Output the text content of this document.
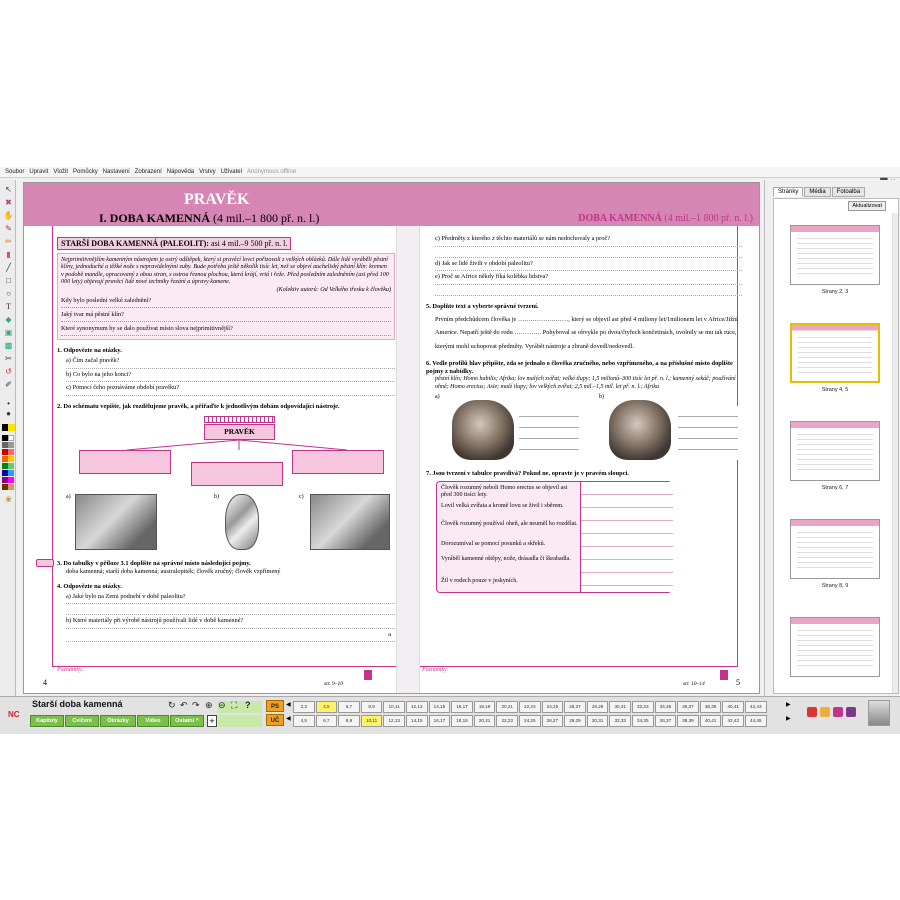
Soubor Upravit Vložit Pomůcky Nastavení Zobrazení Nápověda Vrstvy Uživatel Anonymous offline
↖
✖
✋
✎
✏
▮
╱
□
○
T
◆
▣
▩
✂
↺
✐
•
●
❀
PRAVĚK
I. DOBA KAMENNÁ (4 mil.–1 800 př. n. l.)	DOBA KAMENNÁ (4 mil.–1 800 př. n. l.)
STARŠÍ DOBA KAMENNÁ (PALEOLIT): asi 4 mil.–9 500 př. n. l.
Nejprimitivnějším kamenným nástrojem je ostrý odštěpek, který si pravěcí lovci pořizovali z velkých oblázků. Dále lidé vyráběli pěstní klíny, jednoduché a těžké nože s nepravidelnými zuby. Bude potřeba ještě několik tisíc let, než se objeví aucheliský pěstní klín: kremen v podobě mandle, opracovaný z obou stran, s ostrou řeznou plochou, která krájí, vrtá i řeže. Před posledním zaledněním (asi před 100 000 lety) objevují pravěcí lidé nové techniky řezání a úpravy kamene.
(Kolektiv autorů: Od Velkého třesku k člověku)
Kdy bylo poslední velké zalednění?
Jaký tvar má pěstní klín?
Které synonymum by se dalo používat místo slova nejprimitivnější?
1. Odpovězte na otázky.
a) Čím začal pravěk?
b) Co bylo na jeho konci?
c) Pomocí čeho poznáváme období pravěku?
2. Do schématu vepište, jak rozdělujeme pravěk, a přiřaďte k jednotlivým dobám odpovídající nástroje.
PRAVĚK
a)	b)	c)
3. Do tabulky v příloze 3.1 doplište na správné místo následující pojmy.
doba kamenná; starší doba kamenná; australopiték; člověk zručný; člověk vzpřímený
4. Odpovězte na otázky.
a) Jaké bylo na Zemi podnebí v době paleolitu?
b) Které materiály při výrobě nástrojů používali lidé v době kamenné?
a
c) Předměty z kterého z těchto materiálů se nám nedochovaly a proč?
d) Jak se lidé živili v období paleolitu?
e) Proč se Africe někdy říká kolébka lidstva?
5. Doplňte text a vyberte správné tvrzení.
Prvním předchůdcem člověka je ……………………, který se objevil asi před 4 miliony let/1milionem let v Africe/Jižní Americe. Nepatří ještě do rodu …………. Pohyboval se obvykle po dvou/čtyřech končetinách, uvolnily se mu tak ruce, kterými mohl uchopovat předměty. Vyrábět nástroje a zbraně dovedl/nedovedl.
6. Vedle profilů hlav připište, zda se jednalo o člověka zručného, nebo vzpřímeného, a na příslušné místo doplište pojmy z nabídky.
pěstní klín; Homo habilis; Afrika; lov malých zvířat; velké tlupy; 1,5 milionů–300 tisíc let př. n. l.; kamenný sekáč; používání ohně; Homo erectus; Asie; malé tlupy; lov velkých zvířat; 2,5 mil.–1,5 mil. let př. n. l.; Afrika
a)	b)
7. Jsou tvrzení v tabulce pravdivá? Pokud ne, opravte je v pravém sloupci.
Člověk rozumný neboli Homo erectus se objevil asi před 300 tisíci lety.
Lovil velká zvířata a kromě lovu se živil i sběrem.
Člověk rozumný používal oheň, ale neuměl ho rozdělat.
Dorozumíval se pomocí posunků a skřeků.
Vyráběl kamenné oštěpy, nože, drásadla či škrabadla.
Žil v rodech pouze v jeskyních.
Poznámky:	Poznámky:
4	str. 9–10	str. 10–14	5
Stránky	Média	Fotoalba
Aktualizovat
Strany 2, 3
Strany 4, 5
Strany 6, 7
Strany 8, 9
NC
Starší doba kamenná
Kapitoly	Cvičení	Obrázky	Video	Ostatní ^	+
↻ ↶ ↷ ⊕ ⊖ ⛶ ?	PS
UČ
◀
◀
▶
▶
2,3	4,5	6,7	8,9	10,11	12,13	14,15	16,17	18,19	20,21	22,23	24,25	26,27	28,29	30,31	32,33	34,35	36,37	38,39	40,41	42,43
4,5	6,7	8,9	10,11	12,13	14,15	16,17	18,19	20,21	22,23	24,25	26,27	28,29	30,31	32,33	34,35	36,37	38,39	40,41	42,43	44,45
